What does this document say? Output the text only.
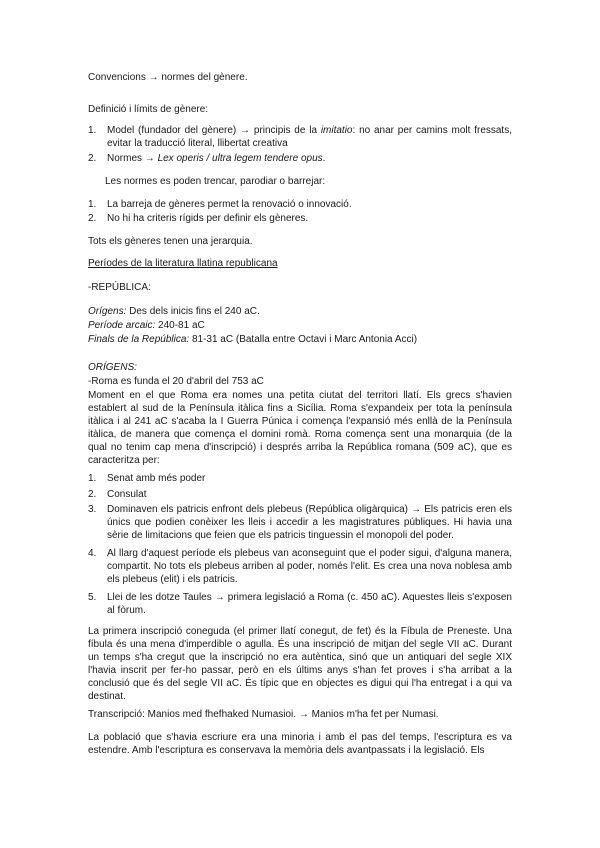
Convencions → normes del gènere.

Definició i límits de gènere:

1. Model (fundador del gènere) → principis de la imitatio: no anar per camins molt fressats, evitar la traducció literal, llibertat creativa

2. Normes → Lex operis / ultra legem tendere opus.

Les normes es poden trencar, parodiar o barrejar:

1. La barreja de gèneres permet la renovació o innovació.

2. No hi ha criteris rígids per definir els gèneres.

Tots els gèneres tenen una jerarquia.

Períodes de la literatura llatina republicana

-REPÚBLICA:

Orígens: Des dels inicis fins el 240 aC.

Període arcaic: 240-81 aC

Finals de la República: 81-31 aC (Batalla entre Octavi i Marc Antonia Acci)

ORÍGENS:

-Roma es funda el 20 d'abril del 753 aC

Moment en el que Roma era nomes una petita ciutat del territori llatí. Els grecs s'havien establert al sud de la Península itàlica fins a Sicília. Roma s'expandeix per tota la península itàlica i al 241 aC s'acaba la I Guerra Púnica i comença l'expansió més enllà de la Península itàlica, de manera que comença el domini romà. Roma comença sent una monarquia (de la qual no tenim cap mena d'inscripció) i després arriba la República romana (509 aC), que es caracteritza per:

1. Senat amb més poder

2. Consulat

3. Dominaven els patricis enfront dels plebeus (República oligàrquica) → Els patricis eren els únics que podien conèixer les lleis i accedir a les magistratures públiques. Hi havia una sèrie de limitacions que feien que els patricis tinguessin el monopoli del poder.

4. Al llarg d'aquest període els plebeus van aconseguint que el poder sigui, d'alguna manera, compartit. No tots els plebeus arriben al poder, només l'elit. Es crea una nova noblesa amb els plebeus (elit) i els patricis.

5. Llei de les dotze Taules → primera legislació a Roma (c. 450 aC). Aquestes lleis s'exposen al fòrum.

La primera inscripció coneguda (el primer llatí conegut, de fet) és la Fíbula de Preneste. Una fíbula és una mena d'imperdible o agulla. És una inscripció de mitjan del segle VII aC. Durant un temps s'ha cregut que la inscripció no era autèntica, sinó que un antiquari del segle XIX l'havia inscrit per fer-ho passar, però en els últims anys s'han fet proves i s'ha arribat a la conclusió que és del segle VII aC. És típic que en objectes es digui qui l'ha entregat i a qui va destinat.

Transcripció: Manios med fhefhaked Numasioi. → Manios m'ha fet per Numasi.

La població que s'havia escriure era una minoria i amb el pas del temps, l'escriptura es va estendre. Amb l'escriptura es conservava la memòria dels avantpassats i la legislació. Els
